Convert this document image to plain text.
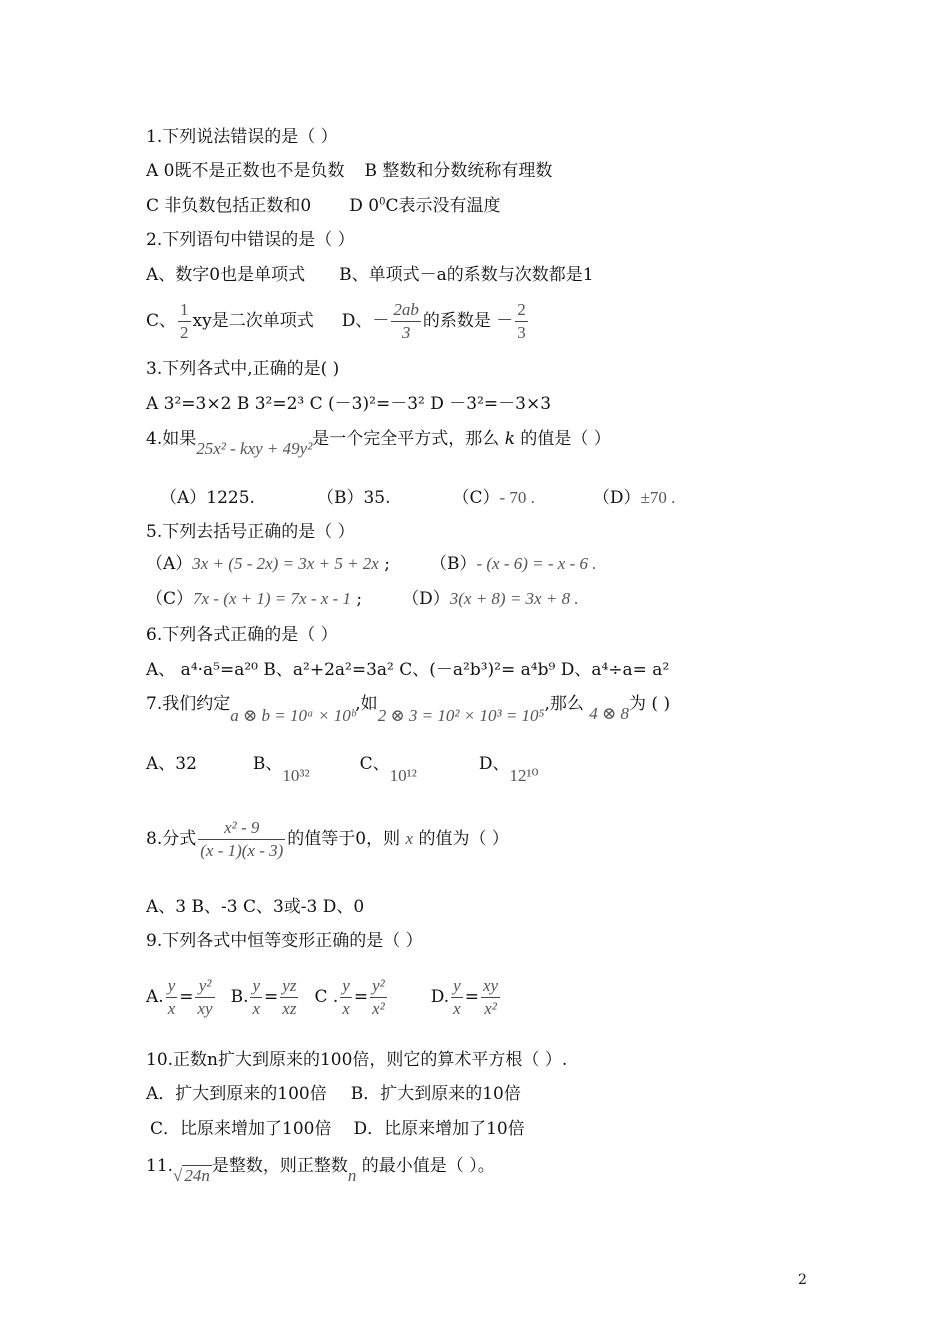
1.下列说法错误的是（ ）
A 0既不是正数也不是负数 B 整数和分数统称有理数
C 非负数包括正数和0 D $0^0C$表示没有温度
2.下列语句中错误的是（ ）
A、数字0也是单项式 B、单项式－a的系数与次数都是1
C、 $\frac{1}{2}$ xy是二次单项式 D、－ $\frac{2ab}{3}$ 的系数是 － $\frac{2}{3}$
3.下列各式中,正确的是( )
A 3²=3×2 B 3²=2³ C (－3)²=－3² D －3²=－3×3
4.如果25x² - kxy + 49y²是一个完全平方式，那么 k 的值是（ ）
（A）1225.	（B）35.	（C）- 70 .	（D）±70 .
5.下列去括号正确的是（ ）
（A）3x + (5 - 2x) = 3x + 5 + 2x ; （B）- (x - 6) = - x - 6 .
（C）7x - (x + 1) = 7x - x - 1 ; （D）3(x + 8) = 3x + 8 .
6.下列各式正确的是（ ）
A、 a⁴·a⁵=a²⁰ B、a²+2a²=3a² C、(－a²b³)²= a⁴b⁹ D、a⁴÷a= a²
7.我们约定a ⊗ b = 10ᵃ × 10ᵇ,如2 ⊗ 3 = 10² × 10³ = 10⁵,那么 4 ⊗ 8为 ( )
A、32	B、10³²C、10¹²D、12¹⁰
8.分式 $\frac{\text{x² - 9}}{(x - 1)(x - 3)}$ 的值等于0，则 x 的值为（ ）
A、3 B、-3 C、3或-3 D、0
9.下列各式中恒等变形正确的是（ ）
A. $\frac{y}{x} = \frac{\text{y²}}{xy} B$. $\frac{y}{x} = \frac{yz}{xz}$ C . $\frac{y}{x} = \frac{\text{y²}}{\text{x²}}$	D. $\frac{y}{x} = \frac{xy}{\text{x²}}$
10.正数n扩大到原来的100倍，则它的算术平方根（ ）.
A．扩大到原来的100倍 B．扩大到原来的10倍
C．比原来增加了100倍 D．比原来增加了10倍
11.√ 24n 是整数，则正整数n 的最小值是（ ）。
2
